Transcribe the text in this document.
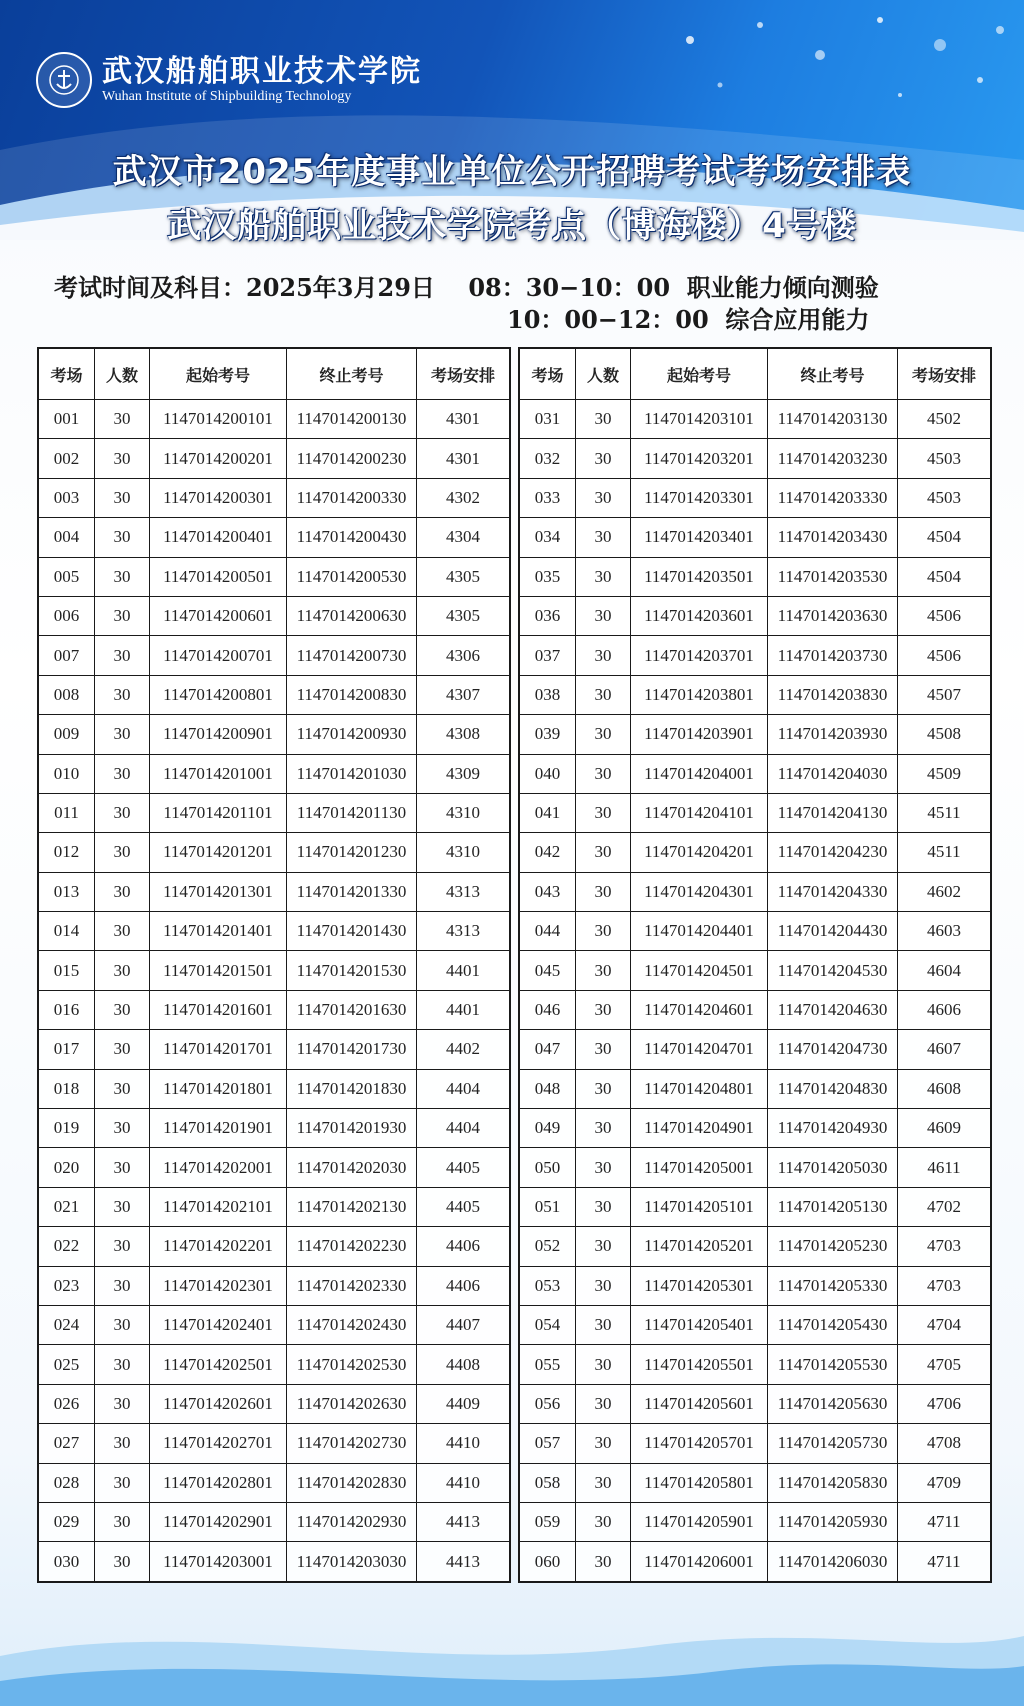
武汉船舶职业技术学院
Wuhan Institute of Shipbuilding Technology
武汉市2025年度事业单位公开招聘考试考场安排表
武汉船舶职业技术学院考点（博海楼）4号楼
考试时间及科目：2025年3月29日 08：30−10：00 职业能力倾向测验
10：00−12：00 综合应用能力
考场	人数	起始考号	终止考号	考场安排
001	30	1147014200101	1147014200130	4301
002	30	1147014200201	1147014200230	4301
003	30	1147014200301	1147014200330	4302
004	30	1147014200401	1147014200430	4304
005	30	1147014200501	1147014200530	4305
006	30	1147014200601	1147014200630	4305
007	30	1147014200701	1147014200730	4306
008	30	1147014200801	1147014200830	4307
009	30	1147014200901	1147014200930	4308
010	30	1147014201001	1147014201030	4309
011	30	1147014201101	1147014201130	4310
012	30	1147014201201	1147014201230	4310
013	30	1147014201301	1147014201330	4313
014	30	1147014201401	1147014201430	4313
015	30	1147014201501	1147014201530	4401
016	30	1147014201601	1147014201630	4401
017	30	1147014201701	1147014201730	4402
018	30	1147014201801	1147014201830	4404
019	30	1147014201901	1147014201930	4404
020	30	1147014202001	1147014202030	4405
021	30	1147014202101	1147014202130	4405
022	30	1147014202201	1147014202230	4406
023	30	1147014202301	1147014202330	4406
024	30	1147014202401	1147014202430	4407
025	30	1147014202501	1147014202530	4408
026	30	1147014202601	1147014202630	4409
027	30	1147014202701	1147014202730	4410
028	30	1147014202801	1147014202830	4410
029	30	1147014202901	1147014202930	4413
030	30	1147014203001	1147014203030	4413
考场	人数	起始考号	终止考号	考场安排
031	30	1147014203101	1147014203130	4502
032	30	1147014203201	1147014203230	4503
033	30	1147014203301	1147014203330	4503
034	30	1147014203401	1147014203430	4504
035	30	1147014203501	1147014203530	4504
036	30	1147014203601	1147014203630	4506
037	30	1147014203701	1147014203730	4506
038	30	1147014203801	1147014203830	4507
039	30	1147014203901	1147014203930	4508
040	30	1147014204001	1147014204030	4509
041	30	1147014204101	1147014204130	4511
042	30	1147014204201	1147014204230	4511
043	30	1147014204301	1147014204330	4602
044	30	1147014204401	1147014204430	4603
045	30	1147014204501	1147014204530	4604
046	30	1147014204601	1147014204630	4606
047	30	1147014204701	1147014204730	4607
048	30	1147014204801	1147014204830	4608
049	30	1147014204901	1147014204930	4609
050	30	1147014205001	1147014205030	4611
051	30	1147014205101	1147014205130	4702
052	30	1147014205201	1147014205230	4703
053	30	1147014205301	1147014205330	4703
054	30	1147014205401	1147014205430	4704
055	30	1147014205501	1147014205530	4705
056	30	1147014205601	1147014205630	4706
057	30	1147014205701	1147014205730	4708
058	30	1147014205801	1147014205830	4709
059	30	1147014205901	1147014205930	4711
060	30	1147014206001	1147014206030	4711
